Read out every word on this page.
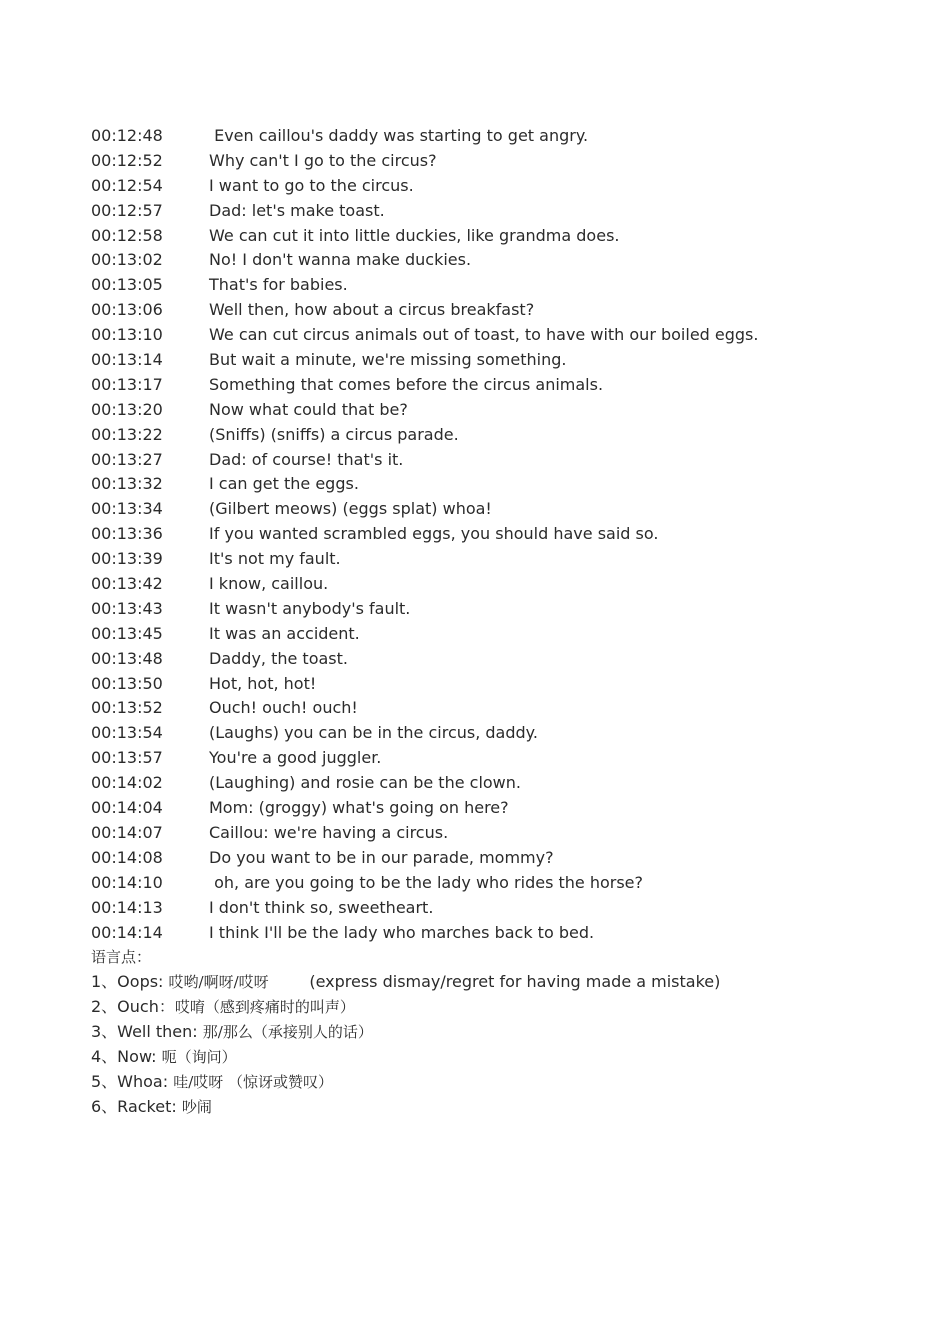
00:12:48	Even caillou's daddy was starting to get angry.
00:12:52	Why can't I go to the circus?
00:12:54	I want to go to the circus.
00:12:57	Dad: let's make toast.
00:12:58	We can cut it into little duckies, like grandma does.
00:13:02	No! I don't wanna make duckies.
00:13:05	That's for babies.
00:13:06	Well then, how about a circus breakfast?
00:13:10	We can cut circus animals out of toast, to have with our boiled eggs.
00:13:14	But wait a minute, we're missing something.
00:13:17	Something that comes before the circus animals.
00:13:20	Now what could that be?
00:13:22	(Sniffs) (sniffs) a circus parade.
00:13:27	Dad: of course! that's it.
00:13:32	I can get the eggs.
00:13:34	(Gilbert meows) (eggs splat) whoa!
00:13:36	If you wanted scrambled eggs, you should have said so.
00:13:39	It's not my fault.
00:13:42	I know, caillou.
00:13:43	It wasn't anybody's fault.
00:13:45	It was an accident.
00:13:48	Daddy, the toast.
00:13:50	Hot, hot, hot!
00:13:52	Ouch! ouch! ouch!
00:13:54	(Laughs) you can be in the circus, daddy.
00:13:57	You're a good juggler.
00:14:02	(Laughing) and rosie can be the clown.
00:14:04	Mom: (groggy) what's going on here?
00:14:07	Caillou: we're having a circus.
00:14:08	Do you want to be in our parade, mommy?
00:14:10	oh, are you going to be the lady who rides the horse?
00:14:13	I don't think so, sweetheart.
00:14:14	I think I'll be the lady who marches back to bed.
语言点：
1、Oops: 哎哟/啊呀/哎呀 (express dismay/regret for having made a mistake)
2、Ouch： 哎唷（感到疼痛时的叫声）
3、Well then: 那/那么（承接别人的话）
4、Now: 呃（询问）
5、Whoa: 哇/哎呀 （惊讶或赞叹）
6、Racket: 吵闹
